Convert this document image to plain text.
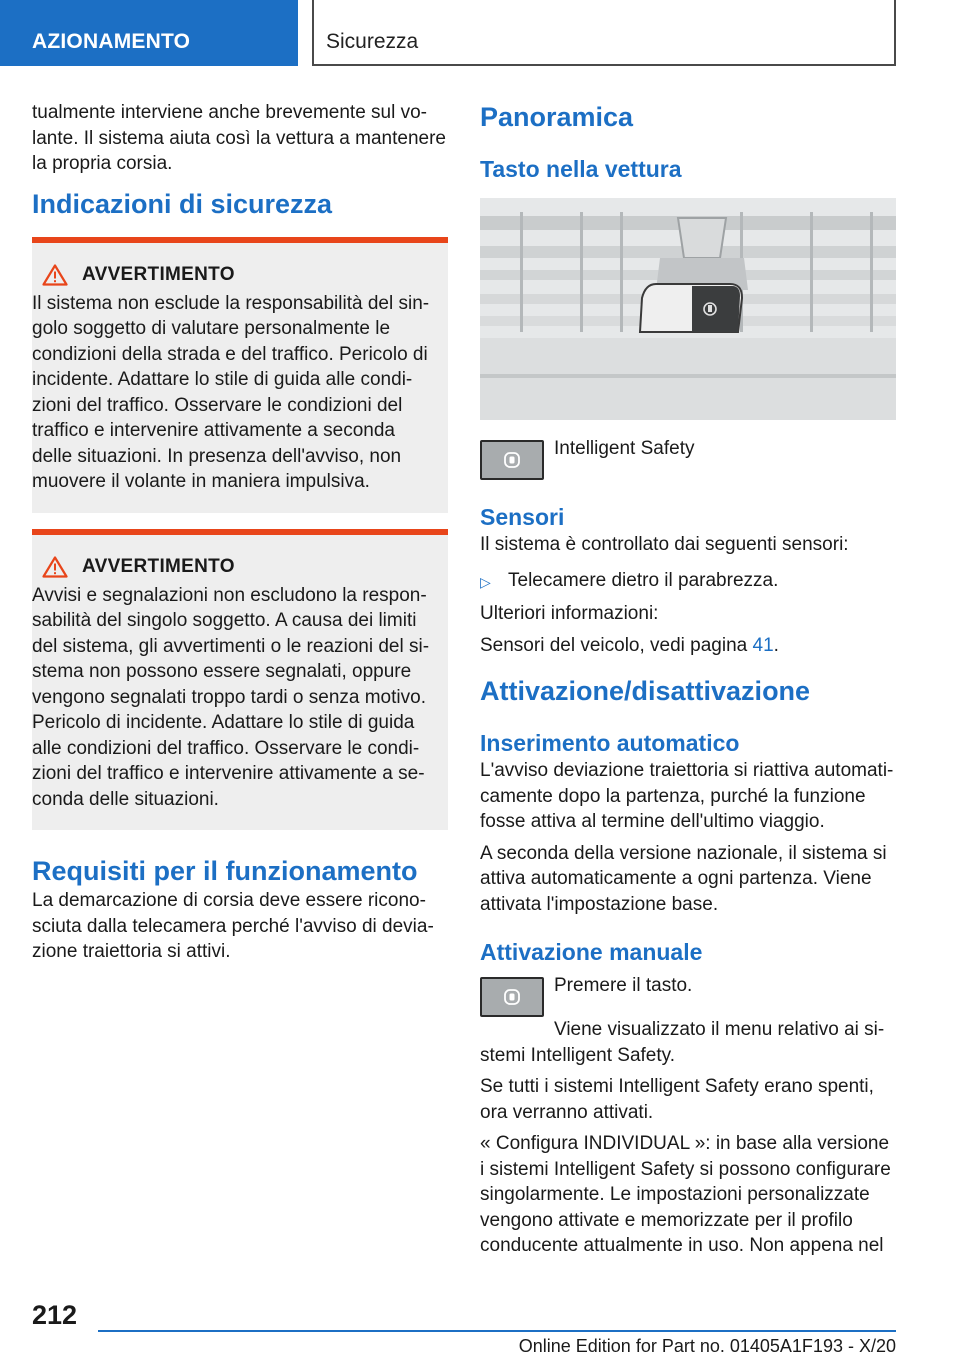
AZIONAMENTO	Sicurezza

tualmente interviene anche brevemente sul vo-lante. Il sistema aiuta così la vettura a mantenere la propria corsia.

Indicazioni di sicurezza
AVVERTIMENTO

Il sistema non esclude la responsabilità del sin-golo soggetto di valutare personalmente le condizioni della strada e del traffico. Pericolo di incidente. Adattare lo stile di guida alle condi-zioni del traffico. Osservare le condizioni del traffico e intervenire attivamente a seconda delle situazioni. In presenza dell'avviso, non muovere il volante in maniera impulsiva.

AVVERTIMENTO

Avvisi e segnalazioni non escludono la respon-sabilità del singolo soggetto. A causa dei limiti del sistema, gli avvertimenti o le reazioni del si-stema non possono essere segnalati, oppure vengono segnalati troppo tardi o senza motivo. Pericolo di incidente. Adattare lo stile di guida alle condizioni del traffico. Osservare le condi-zioni del traffico e intervenire attivamente a se-conda delle situazioni.

Requisiti per il funzionamento

La demarcazione di corsia deve essere ricono-sciuta dalla telecamera perché l'avviso di devia-zione traiettoria si attivi.

Panoramica
Tasto nella vettura

Intelligent Safety

Sensori

Il sistema è controllato dai seguenti sensori:

▷ Telecamere dietro il parabrezza.

Ulteriori informazioni:

Sensori del veicolo, vedi pagina 41.

Attivazione/disattivazione
Inserimento automatico

L'avviso deviazione traiettoria si riattiva automati-camente dopo la partenza, purché la funzione fosse attiva al termine dell'ultimo viaggio.

A seconda della versione nazionale, il sistema si attiva automaticamente a ogni partenza. Viene attivata l'impostazione base.

Attivazione manuale

Premere il tasto.

Viene visualizzato il menu relativo ai si-stemi Intelligent Safety.

Se tutti i sistemi Intelligent Safety erano spenti, ora verranno attivati.

« Configura INDIVIDUAL »: in base alla versione i sistemi Intelligent Safety si possono configurare singolarmente. Le impostazioni personalizzate vengono attivate e memorizzate per il profilo conducente attualmente in uso. Non appena nel

212
Online Edition for Part no. 01405A1F193 - X/20
